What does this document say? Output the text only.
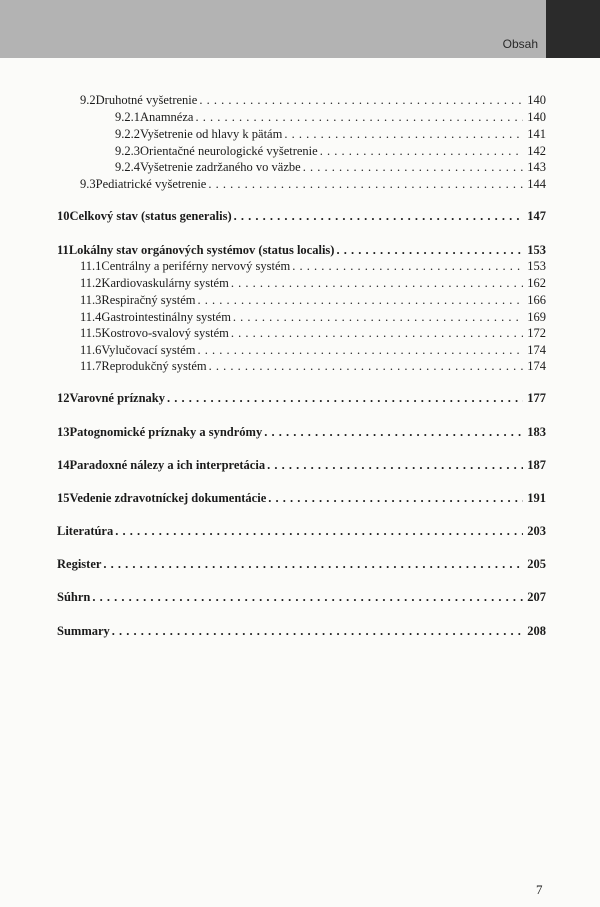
Obsah
9.2 Druhotné vyšetrenie . . .	140
9.2.1 Anamnéza . . .	140
9.2.2 Vyšetrenie od hlavy k pätám . . .	141
9.2.3 Orientačné neurologické vyšetrenie . . .	142
9.2.4 Vyšetrenie zadržaného vo väzbe . . .	143
9.3 Pediatrické vyšetrenie . . .	144
10 Celkový stav (status generalis) . . .	147
11 Lokálny stav orgánových systémov (status localis) . . .	153
11.1 Centrálny a periférny nervový systém . . .	153
11.2 Kardiovaskulárny systém . . .	162
11.3 Respiračný systém . . .	166
11.4 Gastrointestinálny systém . . .	169
11.5 Kostrovo-svalový systém . . .	172
11.6 Vylučovací systém . . .	174
11.7 Reprodukčný systém . . .	174
12 Varovné príznaky . . .	177
13 Patognomické príznaky a syndrómy . . .	183
14 Paradoxné nálezy a ich interpretácia . . .	187
15 Vedenie zdravotníckej dokumentácie . . .	191
Literatúra . . .	203
Register . . .	205
Súhrn . . .	207
Summary . . .	208
7
